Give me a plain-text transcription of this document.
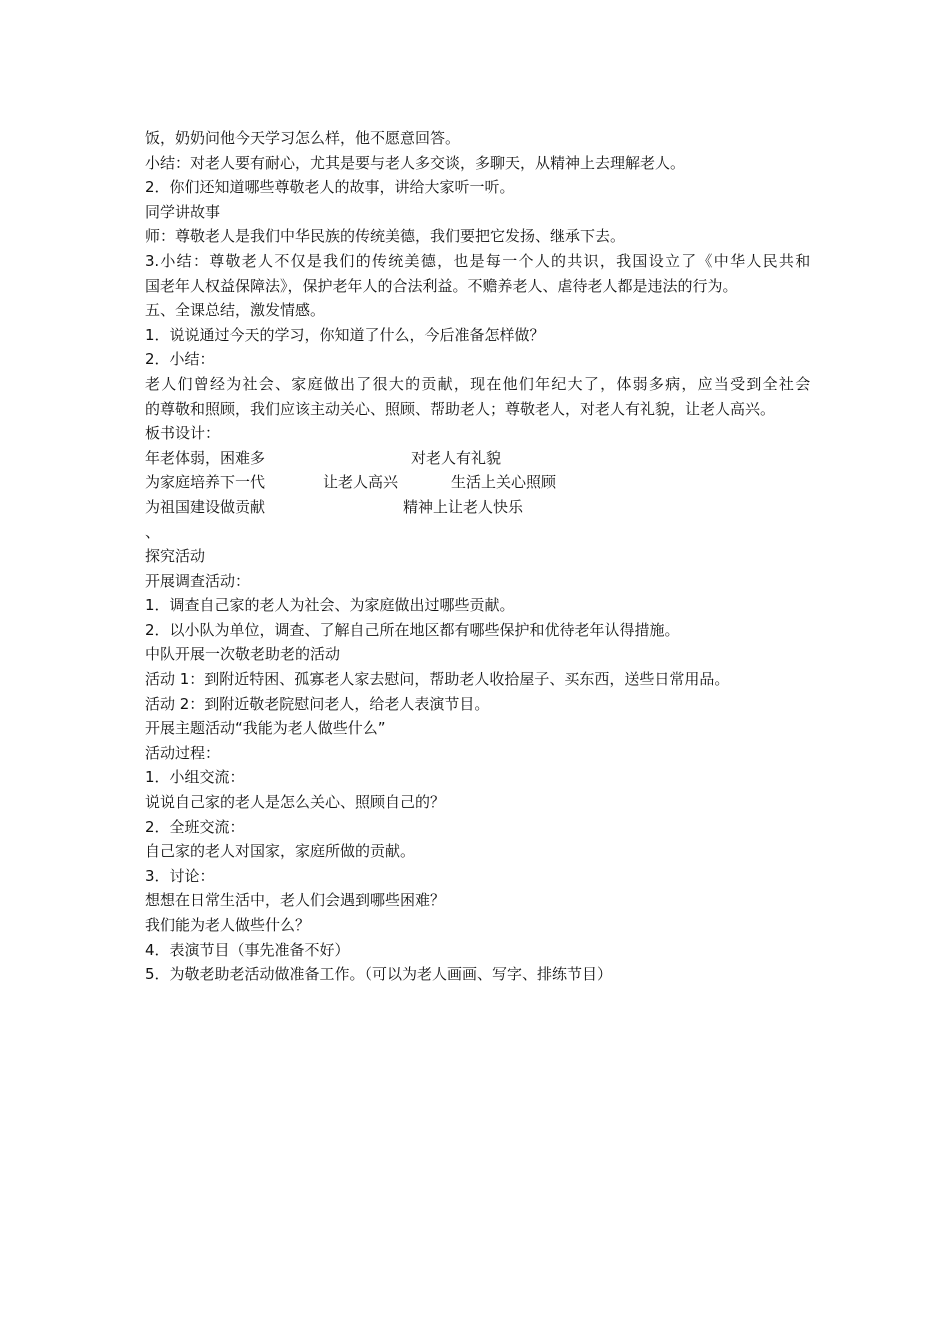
饭，奶奶问他今天学习怎么样，他不愿意回答。
小结：对老人要有耐心，尤其是要与老人多交谈，多聊天，从精神上去理解老人。
2．你们还知道哪些尊敬老人的故事，讲给大家听一听。
同学讲故事
师：尊敬老人是我们中华民族的传统美德，我们要把它发扬、继承下去。
3.小结：尊敬老人不仅是我们的传统美德，也是每一个人的共识，我国设立了《中华人民共和
国老年人权益保障法》，保护老年人的合法利益。不赡养老人、虐待老人都是违法的行为。
五、全课总结，激发情感。
1．说说通过今天的学习，你知道了什么，今后准备怎样做？
2．小结：
老人们曾经为社会、家庭做出了很大的贡献，现在他们年纪大了，体弱多病，应当受到全社会
的尊敬和照顾，我们应该主动关心、照顾、帮助老人；尊敬老人，对老人有礼貌，让老人高兴。
板书设计：
年老体弱，困难多	对老人有礼貌
为家庭培养下一代	让老人高兴	生活上关心照顾
为祖国建设做贡献	精神上让老人快乐
、
探究活动
开展调查活动：
1．调查自己家的老人为社会、为家庭做出过哪些贡献。
2．以小队为单位，调查、了解自己所在地区都有哪些保护和优待老年认得措施。
中队开展一次敬老助老的活动
活动 1：到附近特困、孤寡老人家去慰问，帮助老人收拾屋子、买东西，送些日常用品。
活动 2：到附近敬老院慰问老人，给老人表演节目。
开展主题活动“我能为老人做些什么”
活动过程：
1．小组交流：
说说自己家的老人是怎么关心、照顾自己的？
2．全班交流：
自己家的老人对国家，家庭所做的贡献。
3．讨论：
想想在日常生活中，老人们会遇到哪些困难？
我们能为老人做些什么？
4．表演节目（事先准备不好）
5．为敬老助老活动做准备工作。（可以为老人画画、写字、排练节目）
